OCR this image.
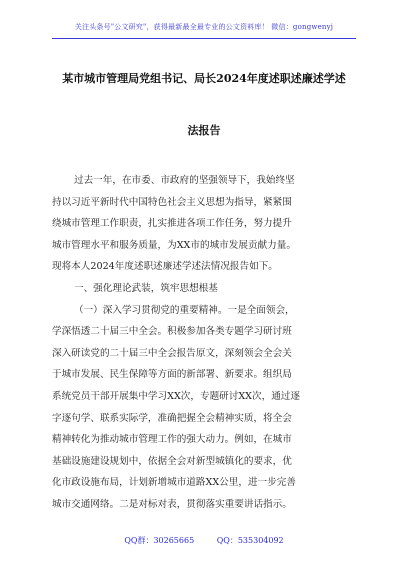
关注头条号"公文研究"，获得最新最全最专业的公文资料库！ 微信：gongwenyj
某市城市管理局党组书记、局长2024年度述职述廉述学述
法报告
过去一年，在市委、市政府的坚强领导下，我始终坚
持以习近平新时代中国特色社会主义思想为指导，紧紧围
绕城市管理工作职责，扎实推进各项工作任务，努力提升
城市管理水平和服务质量，为XX市的城市发展贡献力量。
现将本人2024年度述职述廉述学述法情况报告如下。
一、强化理论武装，筑牢思想根基
（一）深入学习贯彻党的重要精神。一是全面领会，
学深悟透二十届三中全会。积极参加各类专题学习研讨班
深入研读党的二十届三中全会报告原文，深刻领会全会关
于城市发展、民生保障等方面的新部署、新要求。组织局
系统党员干部开展集中学习XX次，专题研讨XX次，通过逐
字逐句学、联系实际学，准确把握全会精神实质，将全会
精神转化为推动城市管理工作的强大动力。例如，在城市
基础设施建设规划中，依据全会对新型城镇化的要求，优
化市政设施布局，计划新增城市道路XX公里，进一步完善
城市交通网络。二是对标对表，贯彻落实重要讲话指示。
QQ群：30265665	QQ：535304092
